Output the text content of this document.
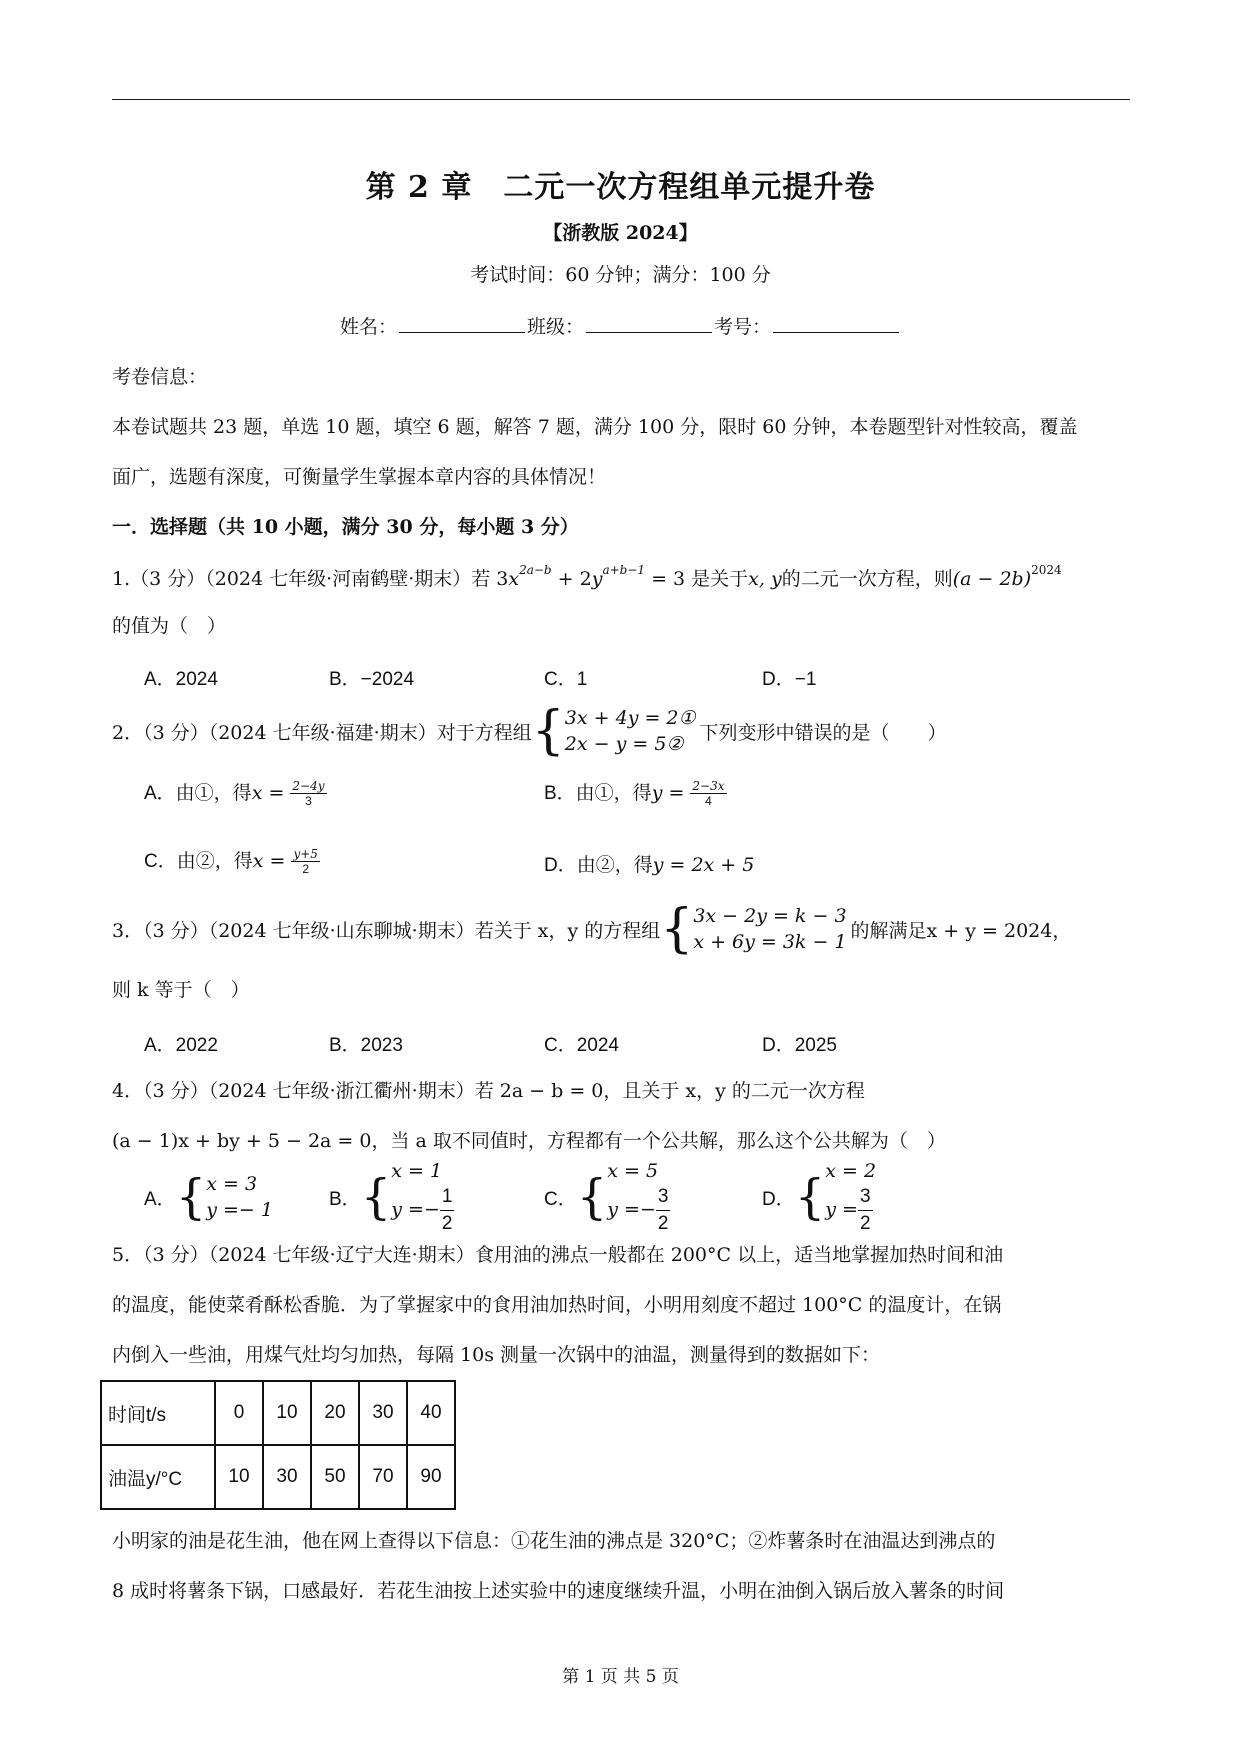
第 2 章　二元一次方程组单元提升卷
【浙教版 2024】
考试时间：60 分钟；满分：100 分
姓名：	班级：	考号：
考卷信息：
本卷试题共 23 题，单选 10 题，填空 6 题，解答 7 题，满分 100 分，限时 60 分钟，本卷题型针对性较高，覆盖
面广，选题有深度，可衡量学生掌握本章内容的具体情况！
一．选择题（共 10 小题，满分 30 分，每小题 3 分）
1.（3 分）（2024 七年级·河南鹤壁·期末）若 $3x^{2a-b} + 2y^{a+b-1} = 3$ 是关于x, y的二元一次方程，则$(a - 2b)^{2024}$
的值为（　）
A．2024	B．−2024	C．1	D．−1
2．（3 分）（2024 七年级·福建·期末）对于方程组 { 3x + 4y = 2①
2x − y = 5②
下列变形中错误的是（　　）
A．由①，得$x = \frac{2-4y}{3}$	B．由①，得$y = \frac{2-3x}{4}$
C．由②，得$x = \frac{y+5}{2}$	D．由②，得y = 2x + 5
3．（3 分）（2024 七年级·山东聊城·期末）若关于 x，y 的方程组 { 3x − 2y = k − 3
x + 6y = 3k − 1
的解满足x + y = 2024，
则 k 等于（　）
A．2022	B．2023	C．2024	D．2025
4．（3 分）（2024 七年级·浙江衢州·期末）若 2a − b = 0，且关于 x，y 的二元一次方程
(a − 1)x + by + 5 − 2a = 0，当 a 取不同值时，方程都有一个公共解，那么这个公共解为（　）
A． { x = 3
y =− 1	B． { x = 1
$y =- \frac{1}{2}$	C． { x = 5
$y =- \frac{3}{2}$	D． { x = 2
$y = \frac{3}{2}$
5．（3 分）（2024 七年级·辽宁大连·期末）食用油的沸点一般都在 200°C 以上，适当地掌握加热时间和油
的温度，能使菜肴酥松香脆．为了掌握家中的食用油加热时间，小明用刻度不超过 100°C 的温度计，在锅
内倒入一些油，用煤气灶均匀加热，每隔 10s 测量一次锅中的油温，测量得到的数据如下：
时间t/s	0	10	20	30	40
油温y/°C	10	30	50	70	90
小明家的油是花生油，他在网上查得以下信息：①花生油的沸点是 320°C；②炸薯条时在油温达到沸点的
8 成时将薯条下锅，口感最好．若花生油按上述实验中的速度继续升温，小明在油倒入锅后放入薯条的时间
第 1 页 共 5 页
